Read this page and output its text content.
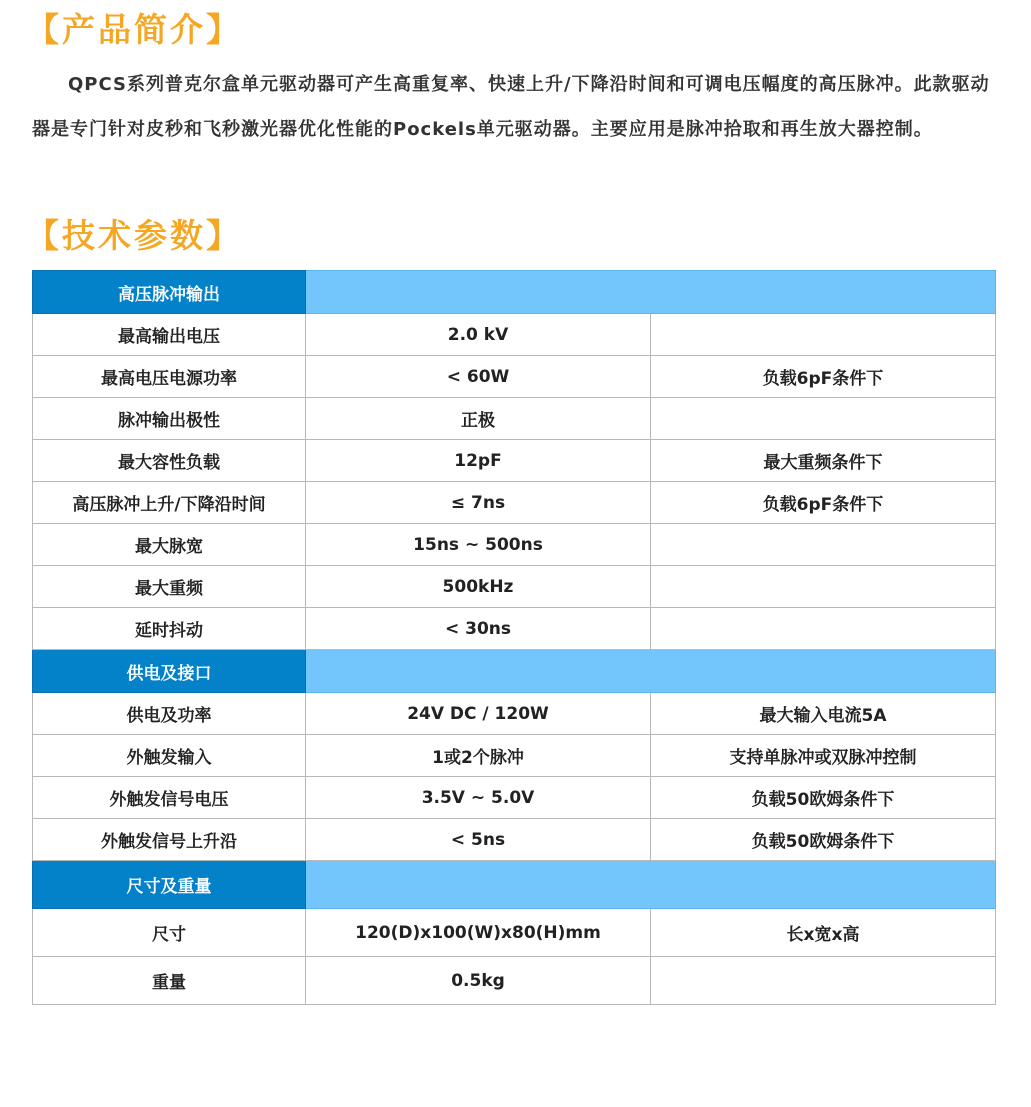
【产品简介】

QPCS系列普克尔盒单元驱动器可产生高重复率、快速上升/下降沿时间和可调电压幅度的高压脉冲。此款驱动器是专门针对皮秒和飞秒激光器优化性能的Pockels单元驱动器。主要应用是脉冲拾取和再生放大器控制。

【技术参数】
高压脉冲输出		
最高输出电压	2.0 kV	
最高电压电源功率	< 60W	负载6pF条件下
脉冲输出极性	正极	
最大容性负载	12pF	最大重频条件下
高压脉冲上升/下降沿时间	≤ 7ns	负载6pF条件下
最大脉宽	15ns ~ 500ns	
最大重频	500kHz	
延时抖动	< 30ns	
供电及接口		
供电及功率	24V DC / 120W	最大输入电流5A
外触发输入	1或2个脉冲	支持单脉冲或双脉冲控制
外触发信号电压	3.5V ~ 5.0V	负载50欧姆条件下
外触发信号上升沿	< 5ns	负载50欧姆条件下
尺寸及重量		
尺寸	120(D)x100(W)x80(H)mm	长x宽x高
重量	0.5kg	
